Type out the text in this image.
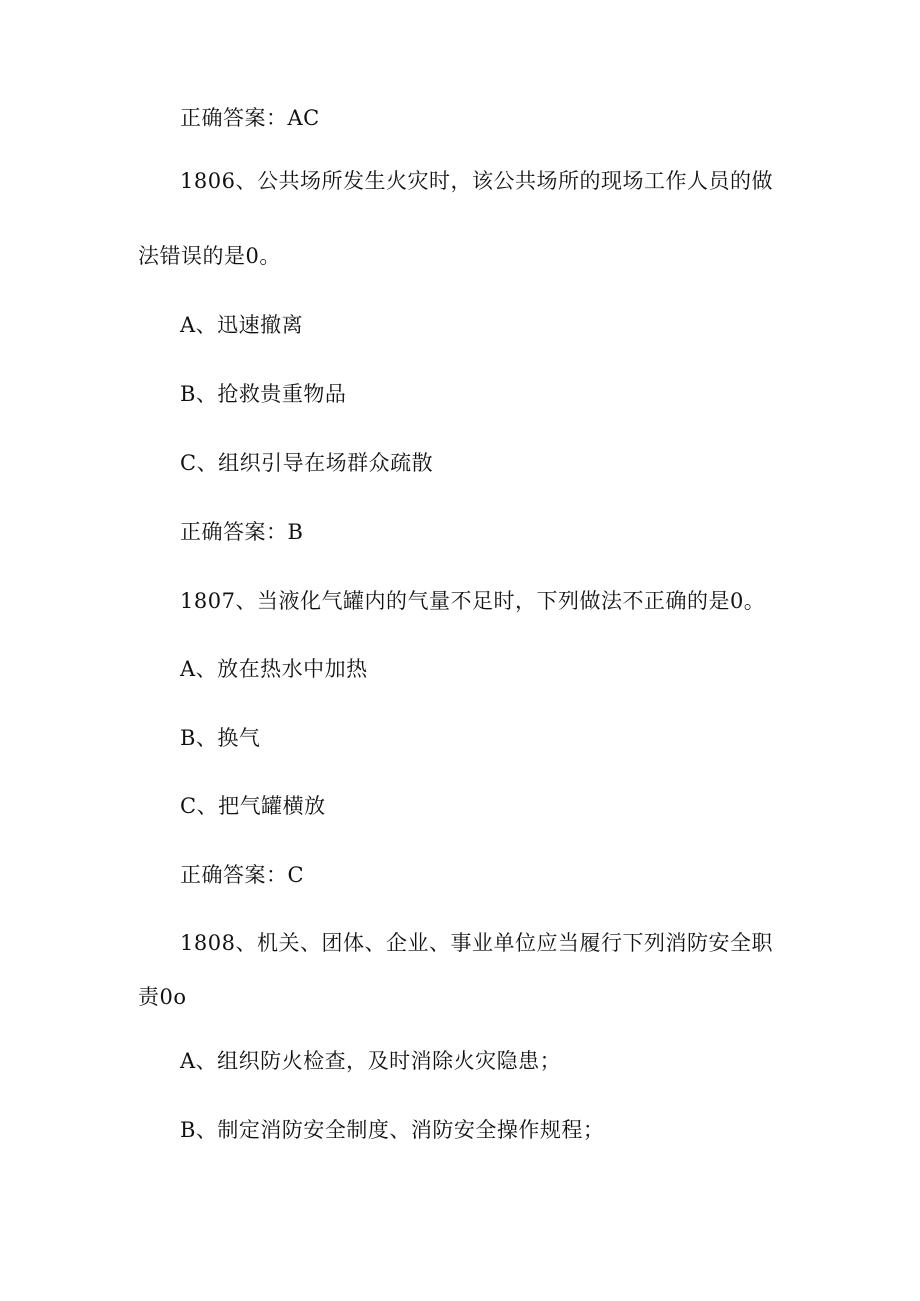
正确答案：AC
1806、公共场所发生火灾时，该公共场所的现场工作人员的做
法错误的是0。
A、迅速撤离
B、抢救贵重物品
C、组织引导在场群众疏散
正确答案：B
1807、当液化气罐内的气量不足时，下列做法不正确的是0。
A、放在热水中加热
B、换气
C、把气罐横放
正确答案：C
1808、机关、团体、企业、事业单位应当履行下列消防安全职
责0o
A、组织防火检查，及时消除火灾隐患；
B、制定消防安全制度、消防安全操作规程；
